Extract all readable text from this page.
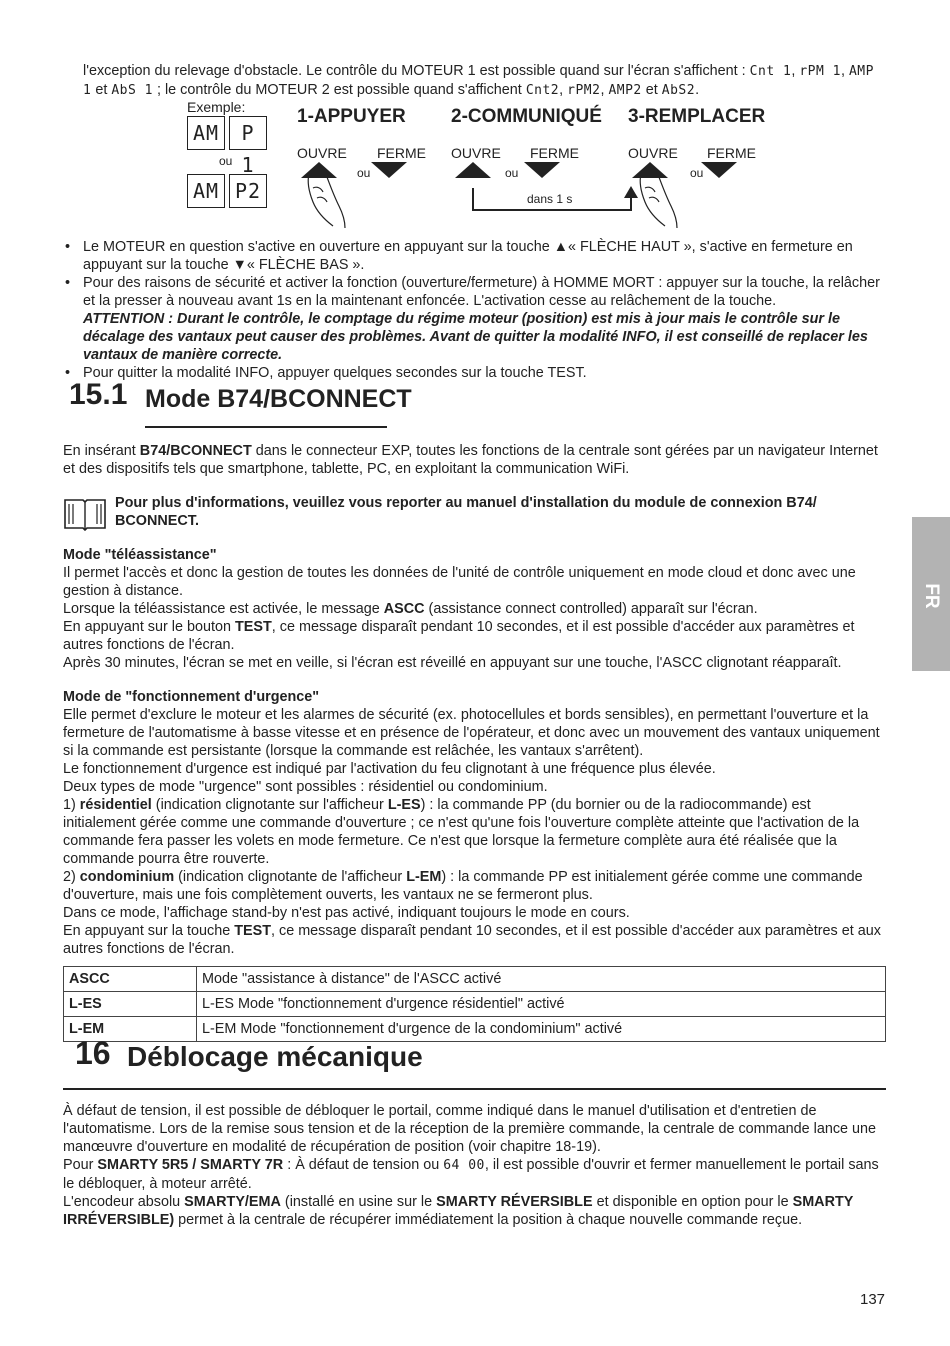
l'exception du relevage d'obstacle. Le contrôle du MOTEUR 1 est possible quand sur l'écran s'affichent : Cnt 1, rPM 1, AMP 1 et AbS 1 ; le contrôle du MOTEUR 2 est possible quand s'affichent Cnt2, rPM2, AMP2 et AbS2.

Exemple:
AM	P 1
ou
AM P2
1-APPUYER 2-COMMUNIQUÉ 3-REMPLACER
OUVRE FERME OUVRE FERME	OUVRE FERME
ou	ou	ou
dans 1 s
• Le MOTEUR en question s'active en ouverture en appuyant sur la touche ▲« FLÈCHE HAUT », s'active en fermeture en appuyant sur la touche ▼« FLÈCHE BAS ».
• Pour des raisons de sécurité et activer la fonction (ouverture/fermeture) à HOMME MORT : appuyer sur la touche, la relâcher et la presser à nouveau avant 1s en la maintenant enfoncée. L'activation cesse au relâchement de la touche.
ATTENTION : Durant le contrôle, le comptage du régime moteur (position) est mis à jour mais le contrôle sur le décalage des vantaux peut causer des problèmes. Avant de quitter la modalité INFO, il est conseillé de replacer les vantaux de manière correcte.
• Pour quitter la modalité INFO, appuyer quelques secondes sur la touche TEST.
15.1 Mode B74/BCONNECT

En insérant B74/BCONNECT dans le connecteur EXP, toutes les fonctions de la centrale sont gérées par un navigateur Internet et des dispositifs tels que smartphone, tablette, PC, en exploitant la communication WiFi.

Pour plus d'informations, veuillez vous reporter au manuel d'installation du module de connexion B74/ BCONNECT.

Mode "téléassistance"

Il permet l'accès et donc la gestion de toutes les données de l'unité de contrôle uniquement en mode cloud et donc avec une gestion à distance.

Lorsque la téléassistance est activée, le message ASCC (assistance connect controlled) apparaît sur l'écran.

En appuyant sur le bouton TEST, ce message disparaît pendant 10 secondes, et il est possible d'accéder aux paramètres et autres fonctions de l'écran.

Après 30 minutes, l'écran se met en veille, si l'écran est réveillé en appuyant sur une touche, l'ASCC clignotant réapparaît.

Mode de "fonctionnement d'urgence"

Elle permet d'exclure le moteur et les alarmes de sécurité (ex. photocellules et bords sensibles), en permettant l'ouverture et la fermeture de l'automatisme à basse vitesse et en présence de l'opérateur, et donc avec un mouvement des vantaux uniquement si la commande est persistante (lorsque la commande est relâchée, les vantaux s'arrêtent).

Le fonctionnement d'urgence est indiqué par l'activation du feu clignotant à une fréquence plus élevée.

Deux types de mode "urgence" sont possibles : résidentiel ou condominium.

1) résidentiel (indication clignotante sur l'afficheur L-ES) : la commande PP (du bornier ou de la radiocommande) est initialement gérée comme une commande d'ouverture ; ce n'est qu'une fois l'ouverture complète atteinte que l'activation de la commande fera passer les volets en mode fermeture. Ce n'est que lorsque la fermeture complète aura été réalisée que la commande pourra être rouverte.

2) condominium (indication clignotante de l'afficheur L-EM) : la commande PP est initialement gérée comme une commande d'ouverture, mais une fois complètement ouverts, les vantaux ne se fermeront plus.

Dans ce mode, l'affichage stand-by n'est pas activé, indiquant toujours le mode en cours.

En appuyant sur la touche TEST, ce message disparaît pendant 10 secondes, et il est possible d'accéder aux paramètres et aux autres fonctions de l'écran.

ASCC	Mode "assistance à distance" de l'ASCC activé
L-ES	L-ES Mode "fonctionnement d'urgence résidentiel" activé
L-EM	L-EM Mode "fonctionnement d'urgence de la condominium" activé
16 Déblocage mécanique

À défaut de tension, il est possible de débloquer le portail, comme indiqué dans le manuel d'utilisation et d'entretien de l'automatisme. Lors de la remise sous tension et de la réception de la première commande, la centrale de commande lance une manœuvre d'ouverture en modalité de récupération de position (voir chapitre 18-19).

Pour SMARTY 5R5 / SMARTY 7R : À défaut de tension ou 64 00, il est possible d'ouvrir et fermer manuellement le portail sans le débloquer, à moteur arrêté.

L'encodeur absolu SMARTY/EMA (installé en usine sur le SMARTY RÉVERSIBLE et disponible en option pour le SMARTY IRRÉVERSIBLE) permet à la centrale de récupérer immédiatement la position à chaque nouvelle commande reçue.

FR
137
